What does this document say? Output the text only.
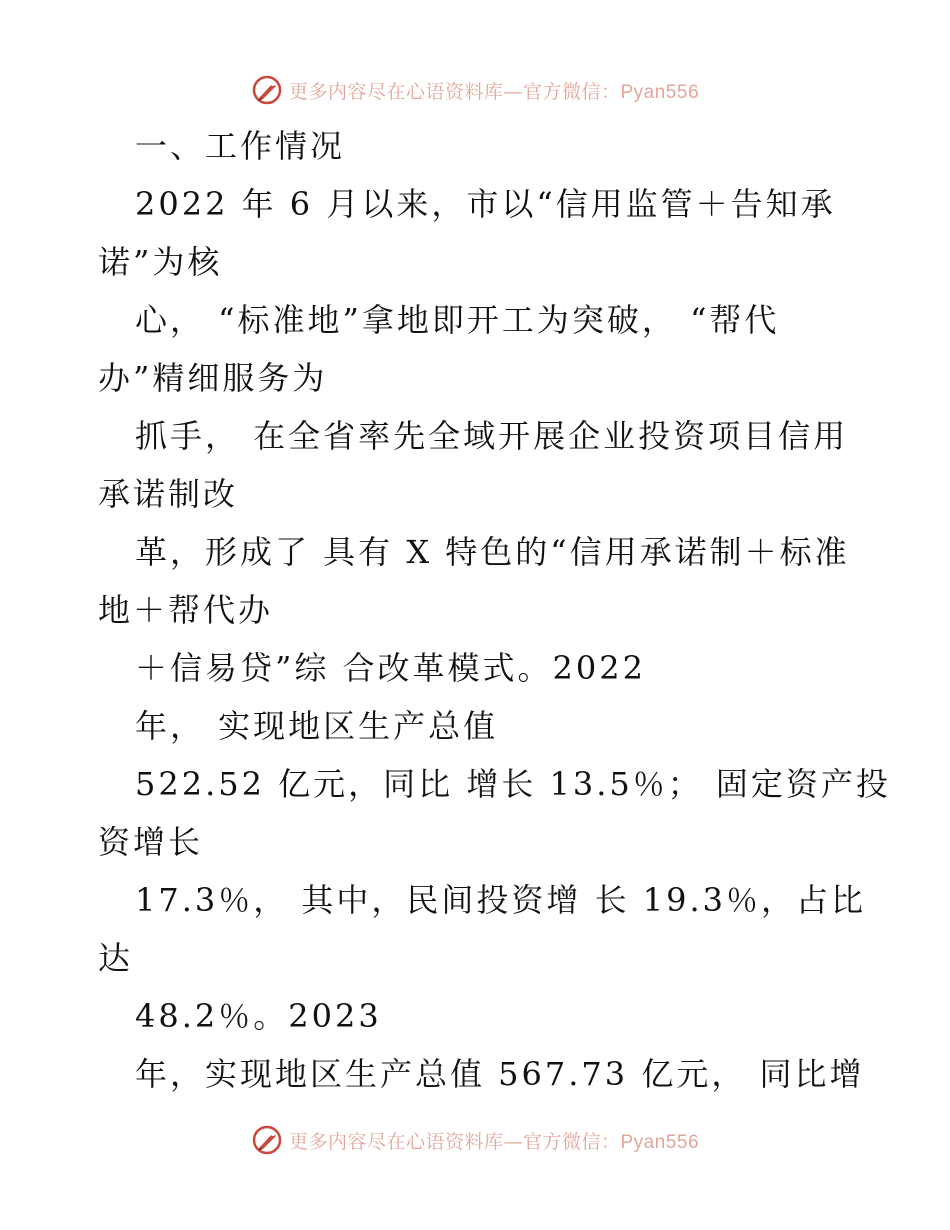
更多内容尽在心语资料库—官方微信：Pyan556
一、工作情况
2022 年 6 月以来，市以“信用监管＋告知承
诺”为核
心， “标准地”拿地即开工为突破， “帮代
办”精细服务为
抓手， 在全省率先全域开展企业投资项目信用
承诺制改
革，形成了 具有 X 特色的“信用承诺制＋标准
地＋帮代办
＋信易贷”综 合改革模式。2022
年， 实现地区生产总值
522.52 亿元，同比 增长 13.5％； 固定资产投
资增长
17.3％， 其中，民间投资增 长 19.3％，占比
达
48.2％。2023
年，实现地区生产总值 567.73 亿元， 同比增
更多内容尽在心语资料库—官方微信：Pyan556
